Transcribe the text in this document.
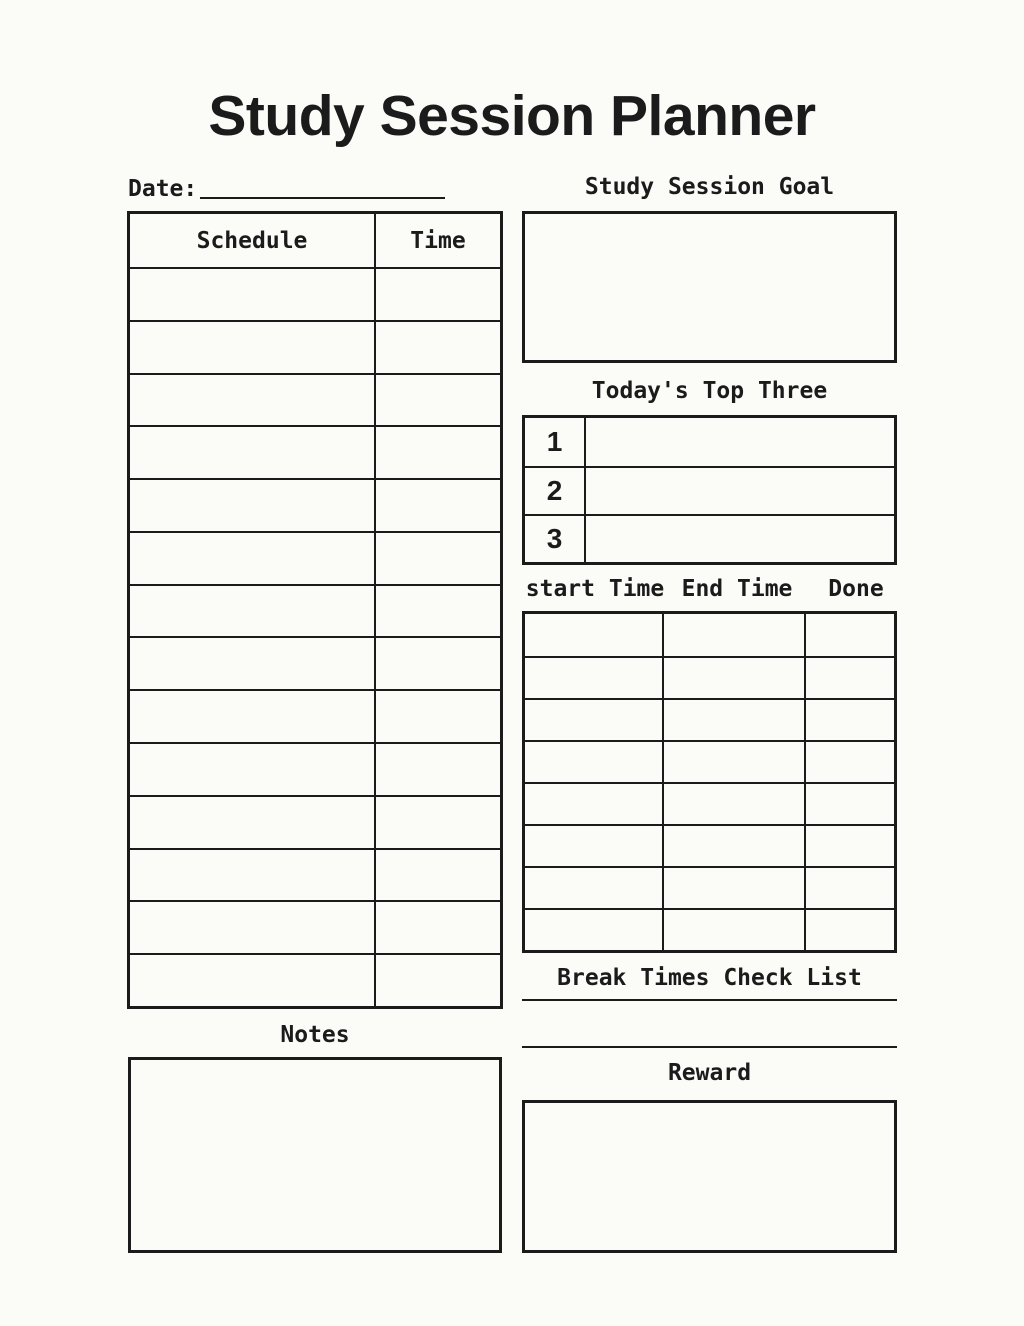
Study Session Planner
Date:
Schedule	Time
Notes
Study Session Goal
Today's Top Three
1
2
3
start Time End Time Done
Break Times Check List
Reward
